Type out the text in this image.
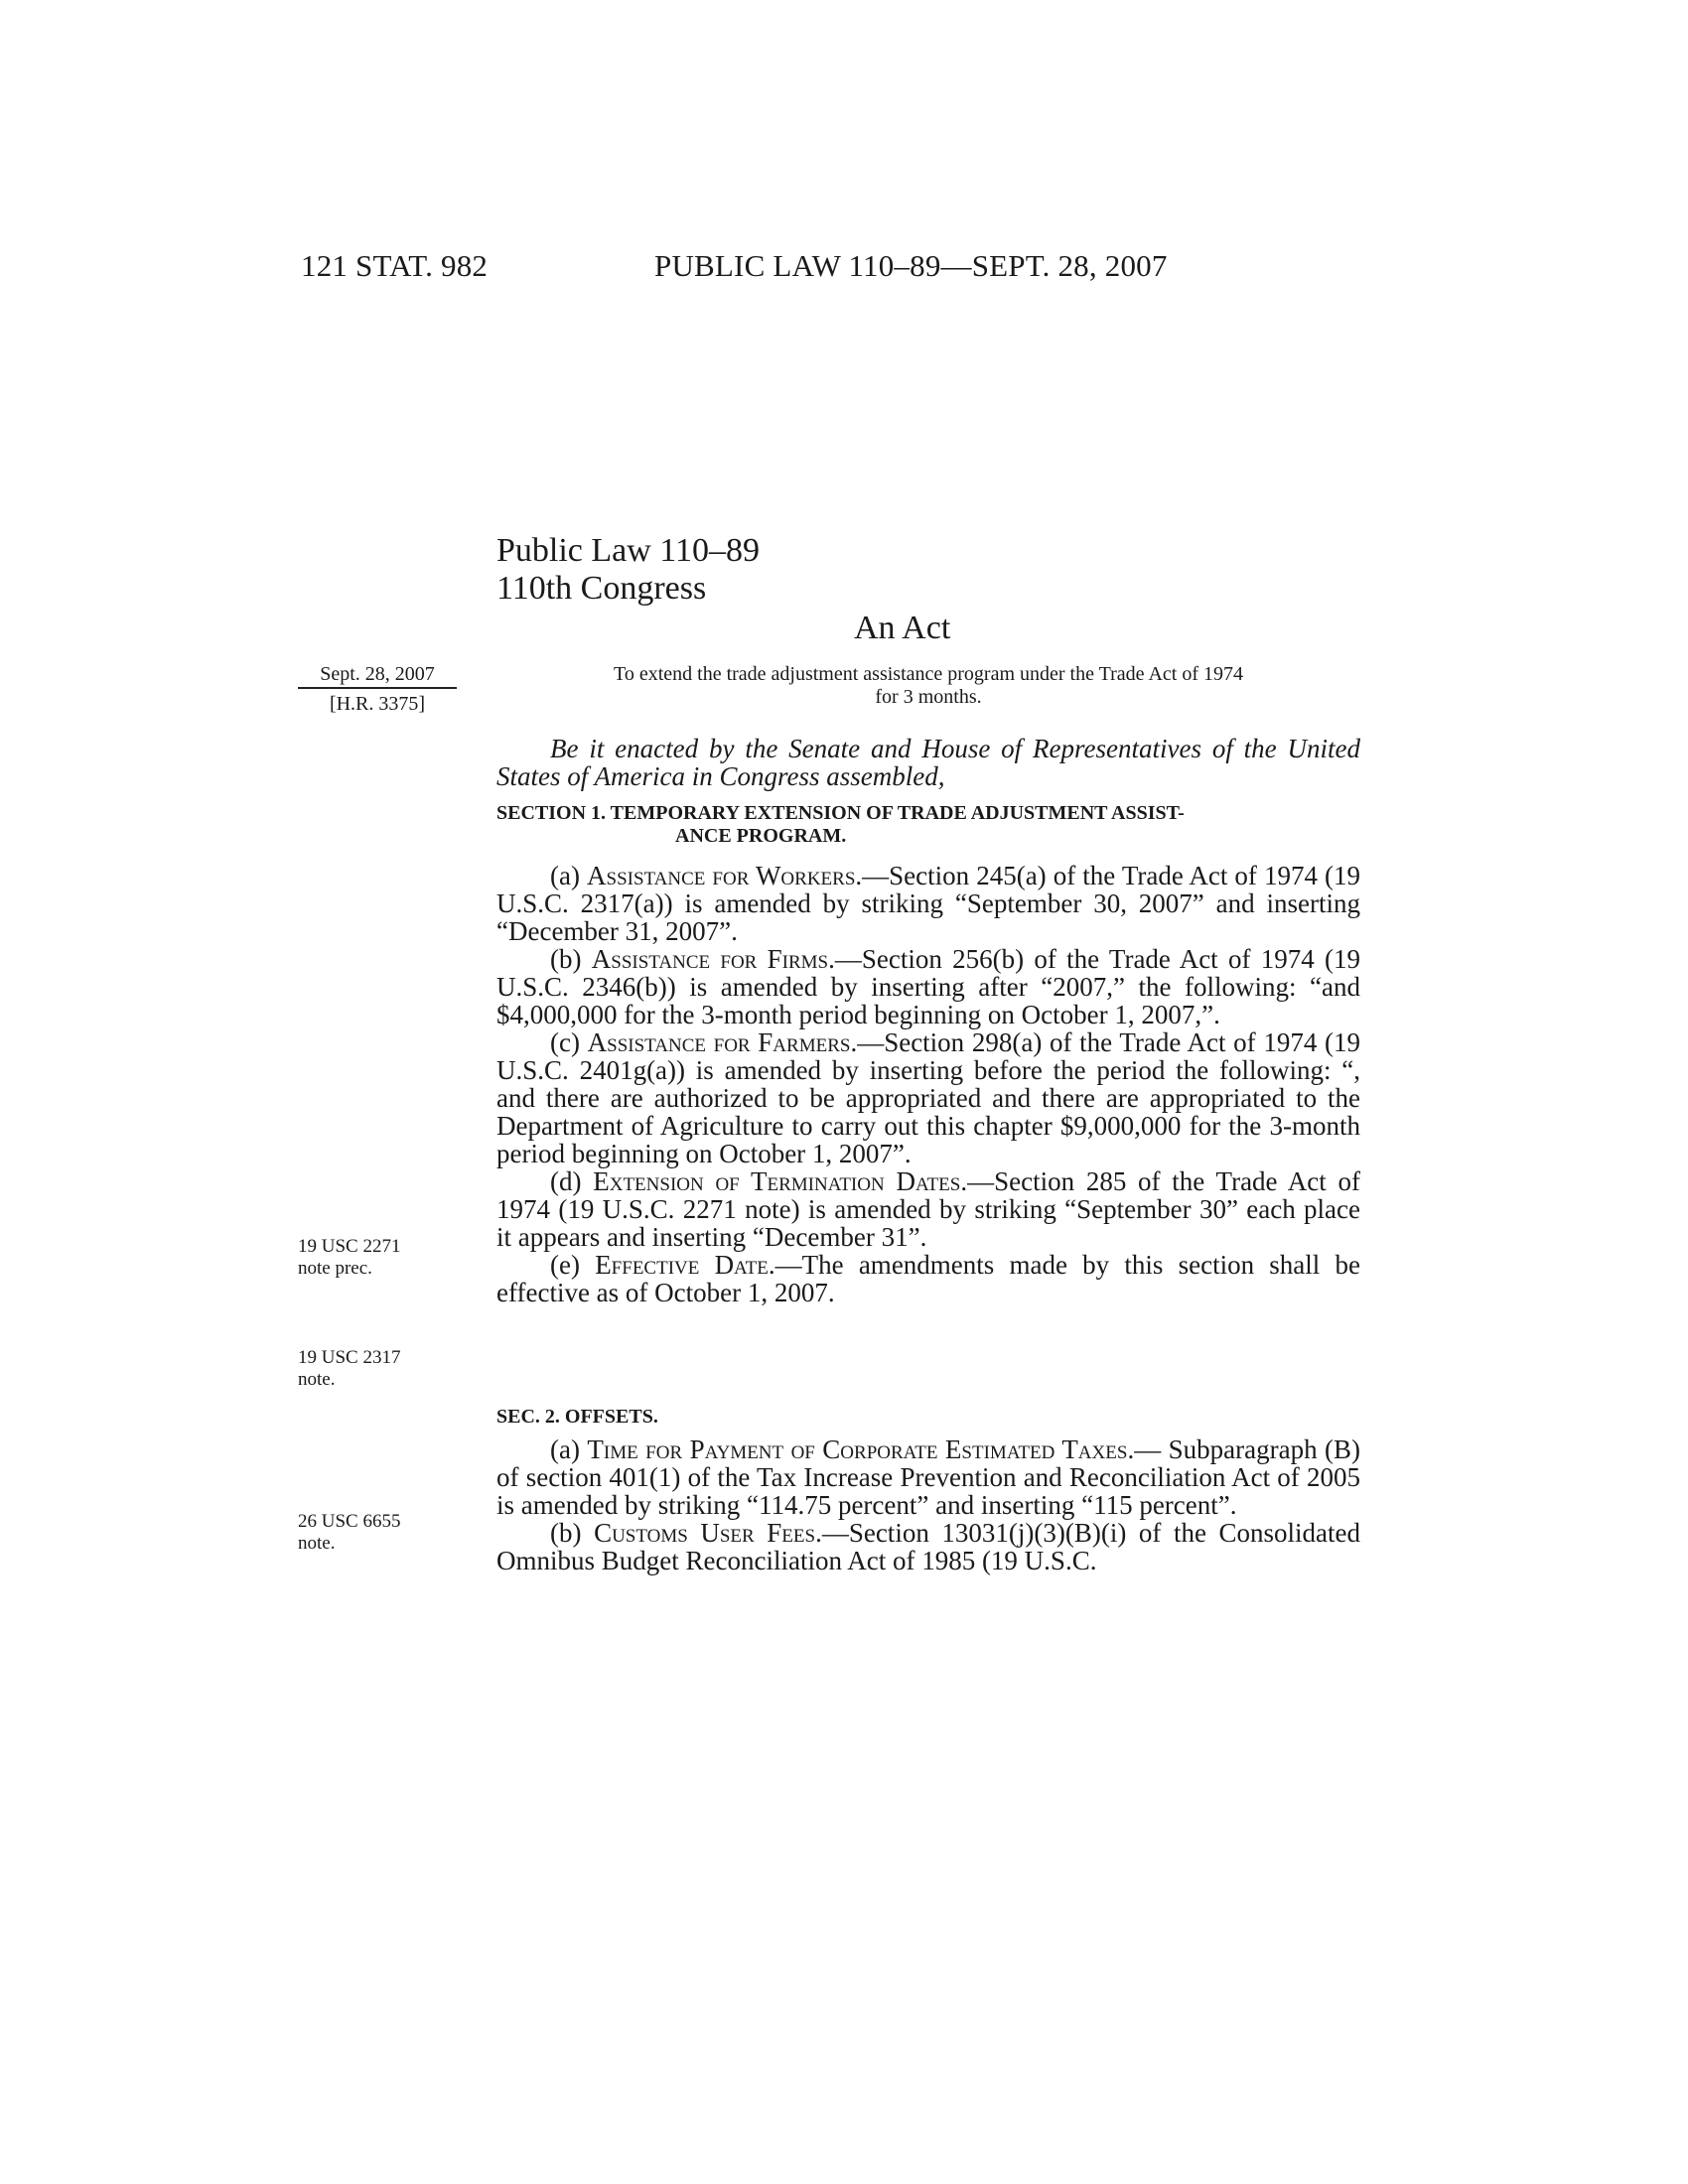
121 STAT. 982	PUBLIC LAW 110–89—SEPT. 28, 2007
Public Law 110–89
110th Congress
An Act
Sept. 28, 2007
[H.R. 3375]
To extend the trade adjustment assistance program under the Trade Act of 1974
for 3 months.
Be it enacted by the Senate and House of Representatives of the United States of America in Congress assembled,
SECTION 1. TEMPORARY EXTENSION OF TRADE ADJUSTMENT ASSIST-
ANCE PROGRAM.

(a) Assistance for Workers.—Section 245(a) of the Trade Act of 1974 (19 U.S.C. 2317(a)) is amended by striking “September 30, 2007” and inserting “December 31, 2007”.

(b) Assistance for Firms.—Section 256(b) of the Trade Act of 1974 (19 U.S.C. 2346(b)) is amended by inserting after “2007,” the following: “and $4,000,000 for the 3-month period beginning on October 1, 2007,”.

(c) Assistance for Farmers.—Section 298(a) of the Trade Act of 1974 (19 U.S.C. 2401g(a)) is amended by inserting before the period the following: “, and there are authorized to be appropriated and there are appropriated to the Department of Agriculture to carry out this chapter $9,000,000 for the 3-month period beginning on October 1, 2007”.

(d) Extension of Termination Dates.—Section 285 of the Trade Act of 1974 (19 U.S.C. 2271 note) is amended by striking “September 30” each place it appears and inserting “December 31”.

(e) Effective Date.—The amendments made by this section shall be effective as of October 1, 2007.

19 USC 2271
note prec.
19 USC 2317
note.
SEC. 2. OFFSETS.

(a) Time for Payment of Corporate Estimated Taxes.— Subparagraph (B) of section 401(1) of the Tax Increase Prevention and Reconciliation Act of 2005 is amended by striking “114.75 percent” and inserting “115 percent”.

(b) Customs User Fees.—Section 13031(j)(3)(B)(i) of the Consolidated Omnibus Budget Reconciliation Act of 1985 (19 U.S.C.

26 USC 6655
note.
